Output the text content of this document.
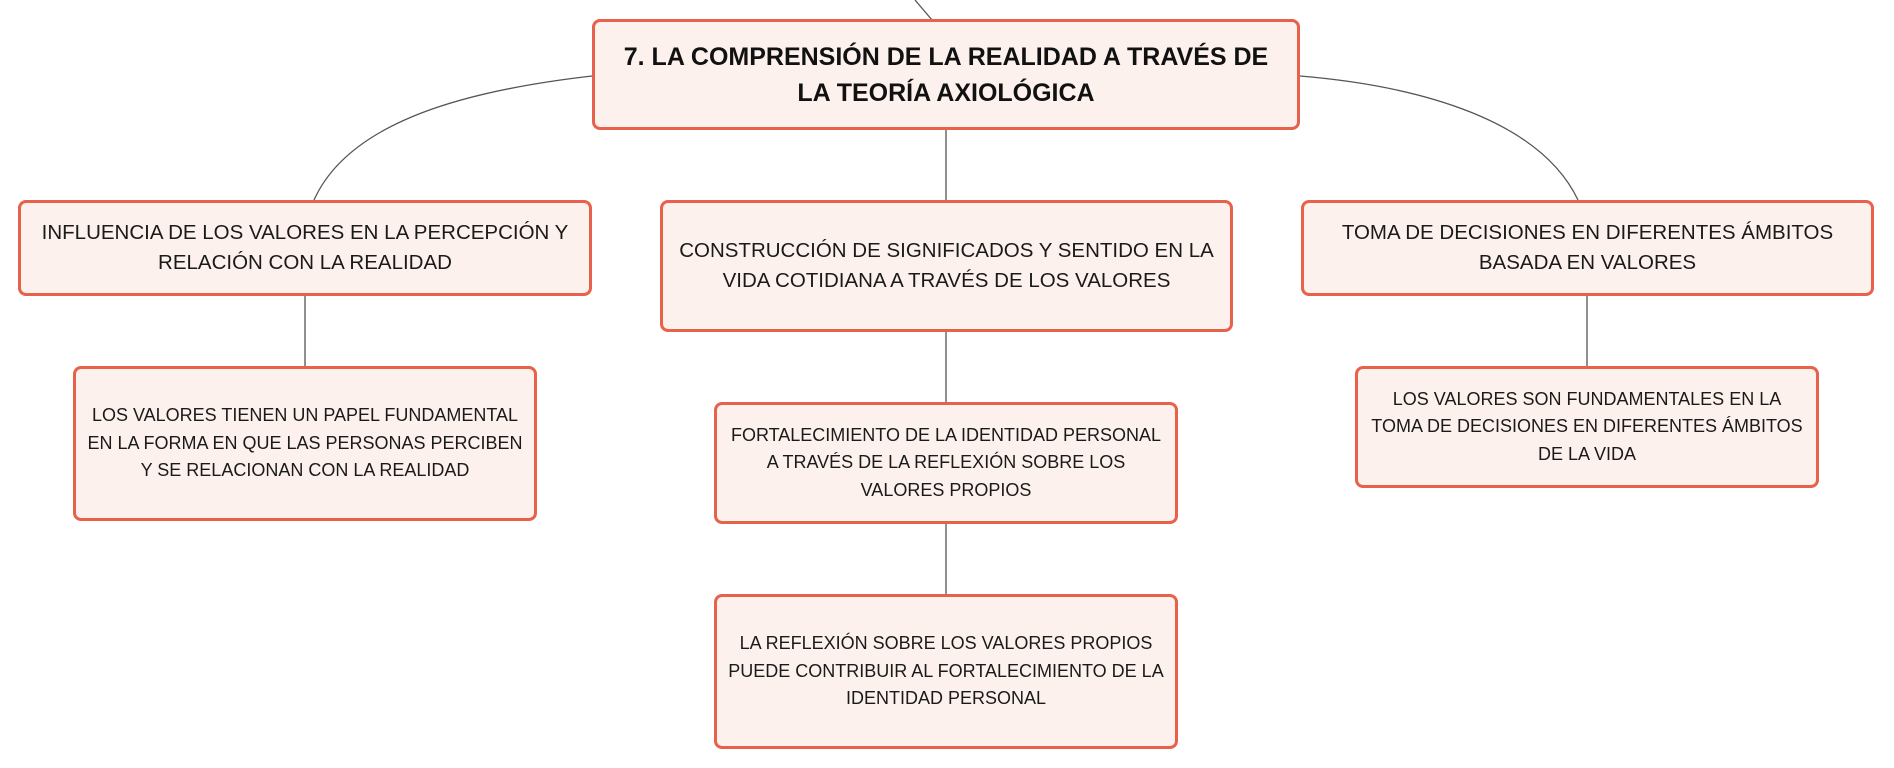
7. LA COMPRENSIÓN DE LA REALIDAD A TRAVÉS DE LA TEORÍA AXIOLÓGICA
INFLUENCIA DE LOS VALORES EN LA PERCEPCIÓN Y RELACIÓN CON LA REALIDAD
CONSTRUCCIÓN DE SIGNIFICADOS Y SENTIDO EN LA VIDA COTIDIANA A TRAVÉS DE LOS VALORES
TOMA DE DECISIONES EN DIFERENTES ÁMBITOS BASADA EN VALORES
LOS VALORES TIENEN UN PAPEL FUNDAMENTAL EN LA FORMA EN QUE LAS PERSONAS PERCIBEN Y SE RELACIONAN CON LA REALIDAD
FORTALECIMIENTO DE LA IDENTIDAD PERSONAL A TRAVÉS DE LA REFLEXIÓN SOBRE LOS VALORES PROPIOS
LA REFLEXIÓN SOBRE LOS VALORES PROPIOS PUEDE CONTRIBUIR AL FORTALECIMIENTO DE LA IDENTIDAD PERSONAL
LOS VALORES SON FUNDAMENTALES EN LA TOMA DE DECISIONES EN DIFERENTES ÁMBITOS DE LA VIDA
